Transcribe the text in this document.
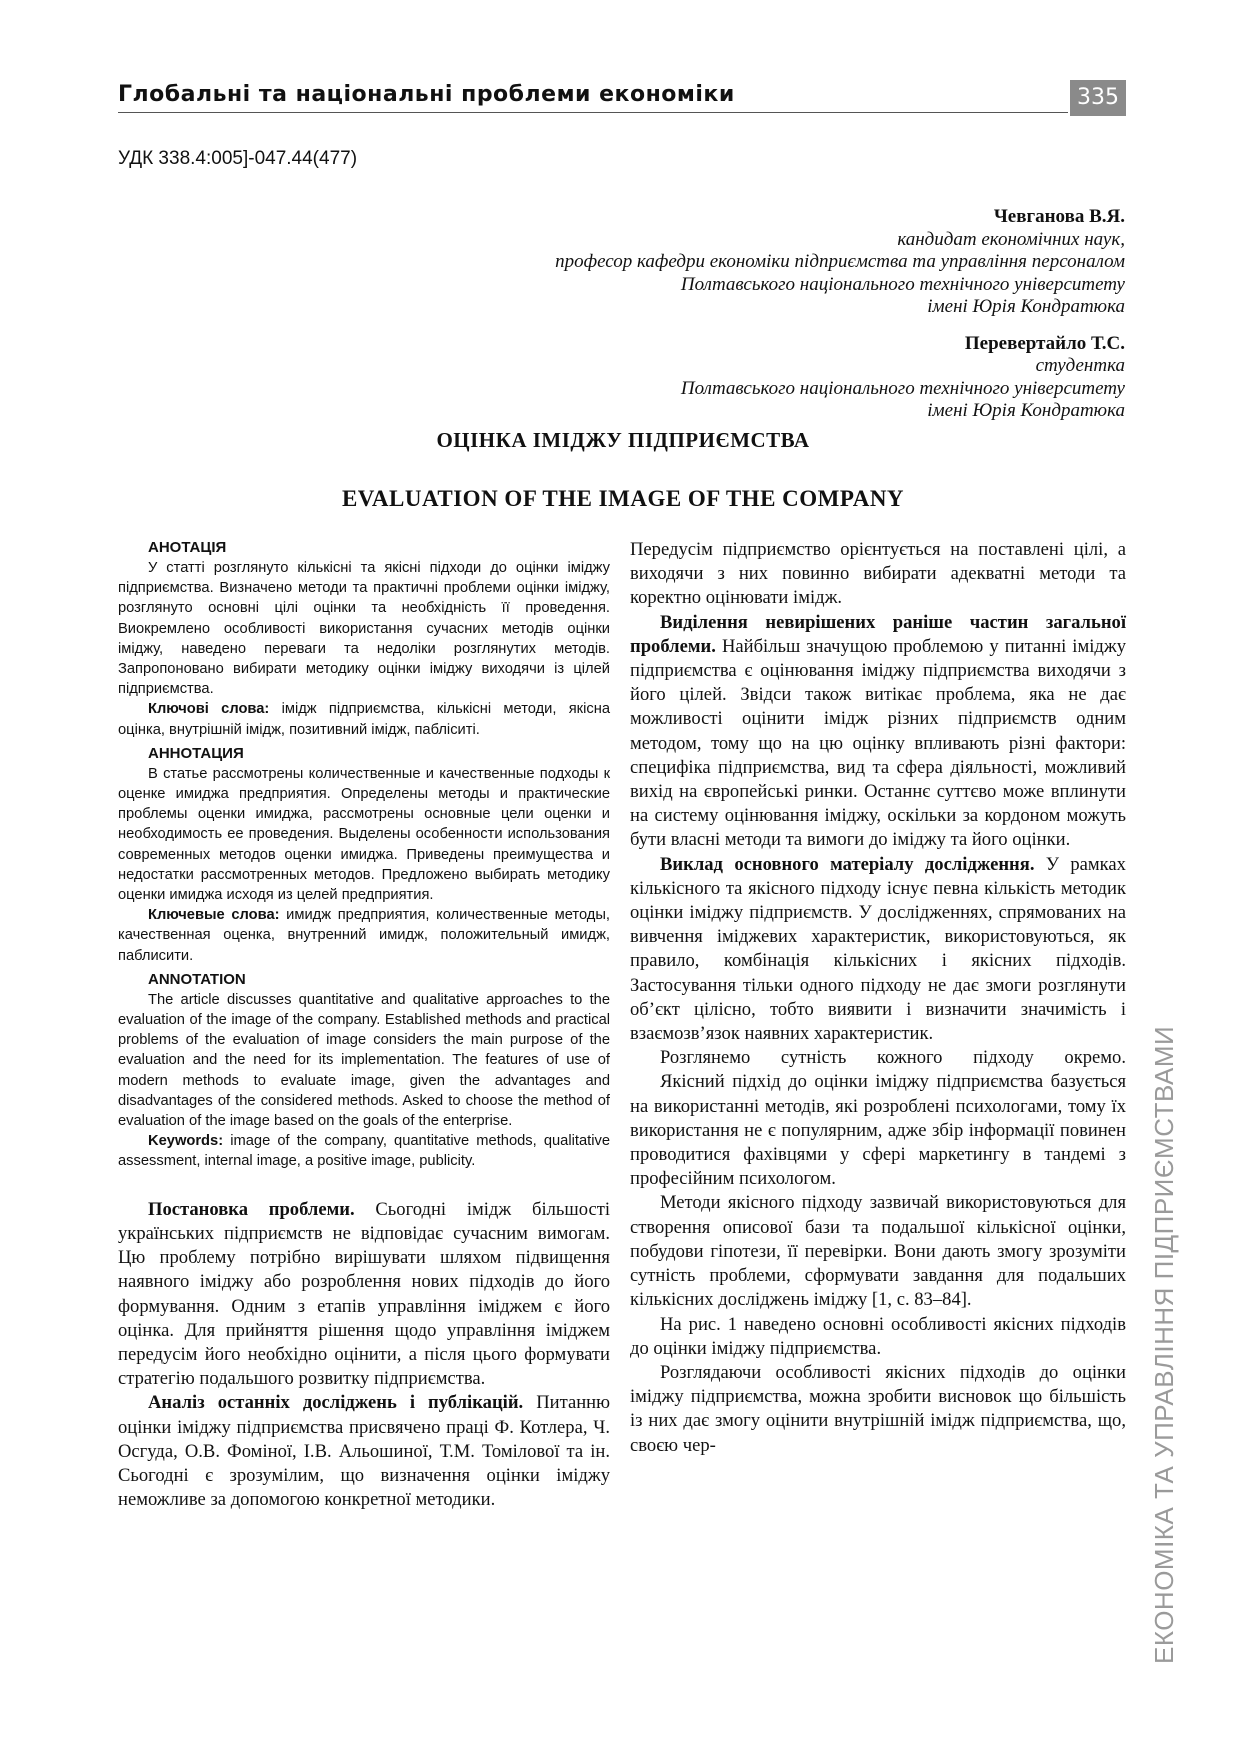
Глобальні та національні проблеми економіки	335
УДК 338.4:005]-047.44(477)
Чевганова В.Я.
кандидат економічних наук,
професор кафедри економіки підприємства та управління персоналом
Полтавського національного технічного університету
імені Юрія Кондратюка
Перевертайло Т.С.
студентка
Полтавського національного технічного університету
імені Юрія Кондратюка
ОЦІНКА ІМІДЖУ ПІДПРИЄМСТВА
EVALUATION OF THE IMAGE OF THE COMPANY

АНОТАЦІЯ

У статті розглянуто кількісні та якісні підходи до оцінки іміджу підприємства. Визначено методи та практичні проблеми оцінки іміджу, розглянуто основні цілі оцінки та необхідність її проведення. Виокремлено особливості використання сучасних методів оцінки іміджу, наведено переваги та недоліки розглянутих методів. Запропоновано вибирати методику оцінки іміджу виходячи із цілей підприємства.

Ключові слова: імідж підприємства, кількісні методи, якісна оцінка, внутрішній імідж, позитивний імідж, пабліситі.

АННОТАЦИЯ

В статье рассмотрены количественные и качественные подходы к оценке имиджа предприятия. Определены методы и практические проблемы оценки имиджа, рассмотрены основные цели оценки и необходимость ее проведения. Выделены особенности использования современных методов оценки имиджа. Приведены преимущества и недостатки рассмотренных методов. Предложено выбирать методику оценки имиджа исходя из целей предприятия.

Ключевые слова: имидж предприятия, количественные методы, качественная оценка, внутренний имидж, положительный имидж, паблисити.

ANNOTATION

The article discusses quantitative and qualitative approaches to the evaluation of the image of the company. Established methods and practical problems of the evaluation of image considers the main purpose of the evaluation and the need for its implementation. The features of use of modern methods to evaluate image, given the advantages and disadvantages of the considered methods. Asked to choose the method of evaluation of the image based on the goals of the enterprise.

Keywords: image of the company, quantitative methods, qualitative assessment, internal image, a positive image, publicity.

Постановка проблеми. Сьогодні імідж більшості українських підприємств не відповідає сучасним вимогам. Цю проблему потрібно вирішувати шляхом підвищення наявного іміджу або розроблення нових підходів до його формування. Одним з етапів управління іміджем є його оцінка. Для прийняття рішення щодо управління іміджем передусім його необхідно оцінити, а після цього формувати стратегію подальшого розвитку підприємства.

Аналіз останніх досліджень і публікацій. Питанню оцінки іміджу підприємства присвячено праці Ф. Котлера, Ч. Осгуда, О.В. Фоміної, І.В. Альошиної, Т.М. Томілової та ін. Сьогодні є зрозумілим, що визначення оцінки іміджу неможливе за допомогою конкретної методики.

Передусім підприємство орієнтується на поставлені цілі, а виходячи з них повинно вибирати адекватні методи та коректно оцінювати імідж.

Виділення невирішених раніше частин загальної проблеми. Найбільш значущою проблемою у питанні іміджу підприємства є оцінювання іміджу підприємства виходячи з його цілей. Звідси також витікає проблема, яка не дає можливості оцінити імідж різних підприємств одним методом, тому що на цю оцінку впливають різні фактори: специфіка підприємства, вид та сфера діяльності, можливий вихід на європейські ринки. Останнє суттєво може вплинути на систему оцінювання іміджу, оскільки за кордоном можуть бути власні методи та вимоги до іміджу та його оцінки.

Виклад основного матеріалу дослідження. У рамках кількісного та якісного підходу існує певна кількість методик оцінки іміджу підприємств. У дослідженнях, спрямованих на вивчення іміджевих характеристик, використовуються, як правило, комбінація кількісних і якісних підходів. Застосування тільки одного підходу не дає змоги розглянути об’єкт цілісно, тобто виявити і визначити значимість і взаємозв’язок наявних характеристик.

Розглянемо сутність кожного підходу окремо.

Якісний підхід до оцінки іміджу підприємства базується на використанні методів, які розроблені психологами, тому їх використання не є популярним, адже збір інформації повинен проводитися фахівцями у сфері маркетингу в тандемі з професійним психологом.

Методи якісного підходу зазвичай використовуються для створення описової бази та подальшої кількісної оцінки, побудови гіпотези, її перевірки. Вони дають змогу зрозуміти сутність проблеми, сформувати завдання для подальших кількісних досліджень іміджу [1, с. 83–84].

На рис. 1 наведено основні особливості якісних підходів до оцінки іміджу підприємства.

Розглядаючи особливості якісних підходів до оцінки іміджу підприємства, можна зробити висновок що більшість із них дає змогу оцінити внутрішній імідж підприємства, що, своєю чер-	ЕКОНОМІКА ТА УПРАВЛІННЯ ПІДПРИЄМСТВАМИ
